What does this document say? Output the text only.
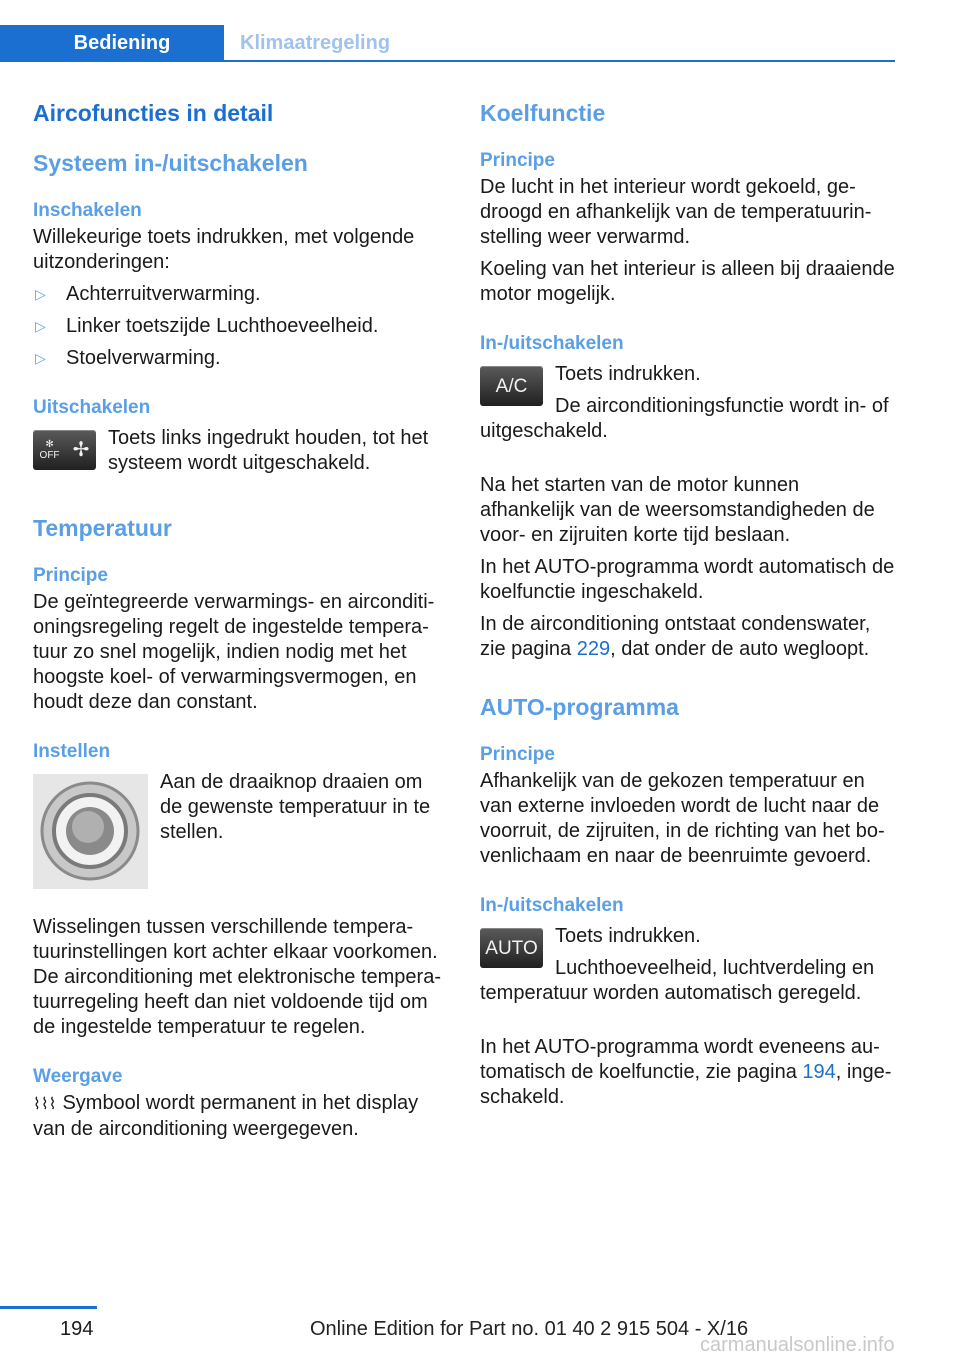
Bediening	Klimaatregeling
Aircofuncties in detail
Systeem in-/uitschakelen
Inschakelen

Willekeurige toets indrukken, met volgende uitzonderingen:

▷ Achterruitverwarming.
▷ Linker toetszijde Luchthoeveelheid.
▷ Stoelverwarming.
Uitschakelen
✻
OFF ✢

Toets links ingedrukt houden, tot het systeem wordt uitgeschakeld.

Temperatuur
Principe

De geïntegreerde verwarmings- en airconditioningsregeling regelt de ingestelde temperatuur zo snel mogelijk, indien nodig met het hoogste koel- of verwarmingsvermogen, en houdt deze dan constant.

Instellen

Aan de draaiknop draaien om de gewenste temperatuur in te stellen.

Wisselingen tussen verschillende temperatuurinstellingen kort achter elkaar voorkomen. De airconditioning met elektronische temperatuurregeling heeft dan niet voldoende tijd om de ingestelde temperatuur te regelen.

Weergave

⌇⌇⌇ Symbool wordt permanent in het display van de airconditioning weergegeven.

Koelfunctie
Principe

De lucht in het interieur wordt gekoeld, gedroogd en afhankelijk van de temperatuurinstelling weer verwarmd.

Koeling van het interieur is alleen bij draaiende motor mogelijk.

In-/uitschakelen
A/C

Toets indrukken.

De airconditioningsfunctie wordt in- of uitgeschakeld.

Na het starten van de motor kunnen afhankelijk van de weersomstandigheden de voor- en zijruiten korte tijd beslaan.

In het AUTO-programma wordt automatisch de koelfunctie ingeschakeld.

In de airconditioning ontstaat condenswater, zie pagina 229, dat onder de auto wegloopt.

AUTO-programma
Principe

Afhankelijk van de gekozen temperatuur en van externe invloeden wordt de lucht naar de voorruit, de zijruiten, in de richting van het bovenlichaam en naar de beenruimte gevoerd.

In-/uitschakelen
AUTO

Toets indrukken.

Luchthoeveelheid, luchtverdeling en temperatuur worden automatisch geregeld.

In het AUTO-programma wordt eveneens automatisch de koelfunctie, zie pagina 194, ingeschakeld.

194	Online Edition for Part no. 01 40 2 915 504 - X/16
carmanualsonline.info
